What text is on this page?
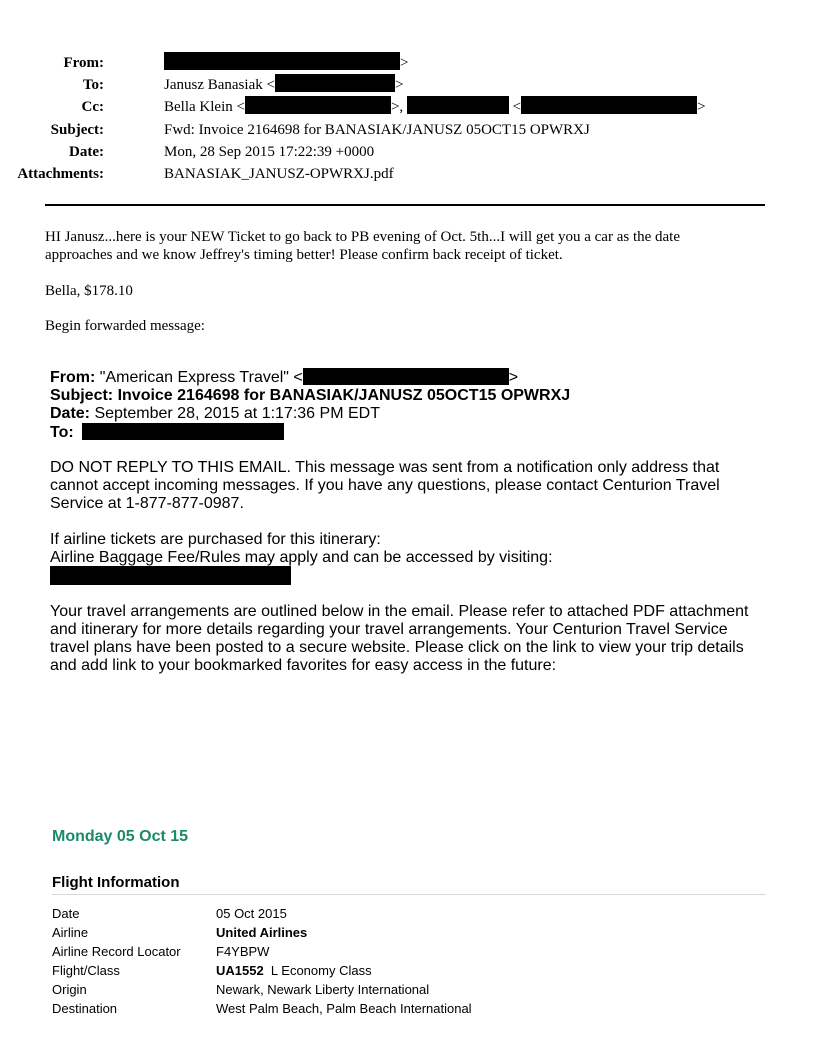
From:	>
To:	Janusz Banasiak <	>
Cc:	Bella Klein <	>,	<	>
Subject:	Fwd: Invoice 2164698 for BANASIAK/JANUSZ 05OCT15 OPWRXJ
Date:	Mon, 28 Sep 2015 17:22:39 +0000
Attachments:	BANASIAK_JANUSZ-OPWRXJ.pdf
HI Janusz...here is your NEW Ticket to go back to PB evening of Oct. 5th...I will get you a car as the date
approaches and we know Jeffrey's timing better! Please confirm back receipt of ticket.
Bella, $178.10
Begin forwarded message:
From: "American Express Travel" <	>
Subject: Invoice 2164698 for BANASIAK/JANUSZ 05OCT15 OPWRXJ
Date: September 28, 2015 at 1:17:36 PM EDT
To:
DO NOT REPLY TO THIS EMAIL. This message was sent from a notification only address that
cannot accept incoming messages. If you have any questions, please contact Centurion Travel
Service at 1-877-877-0987.
If airline tickets are purchased for this itinerary:
Airline Baggage Fee/Rules may apply and can be accessed by visiting:
Your travel arrangements are outlined below in the email. Please refer to attached PDF attachment
and itinerary for more details regarding your travel arrangements. Your Centurion Travel Service
travel plans have been posted to a secure website. Please click on the link to view your trip details
and add link to your bookmarked favorites for easy access in the future:
Monday 05 Oct 15
Flight Information
Date	05 Oct 2015
Airline	United Airlines
Airline Record Locator	F4YBPW
Flight/Class	UA1552  L Economy Class
Origin	Newark, Newark Liberty International
Destination	West Palm Beach, Palm Beach International
